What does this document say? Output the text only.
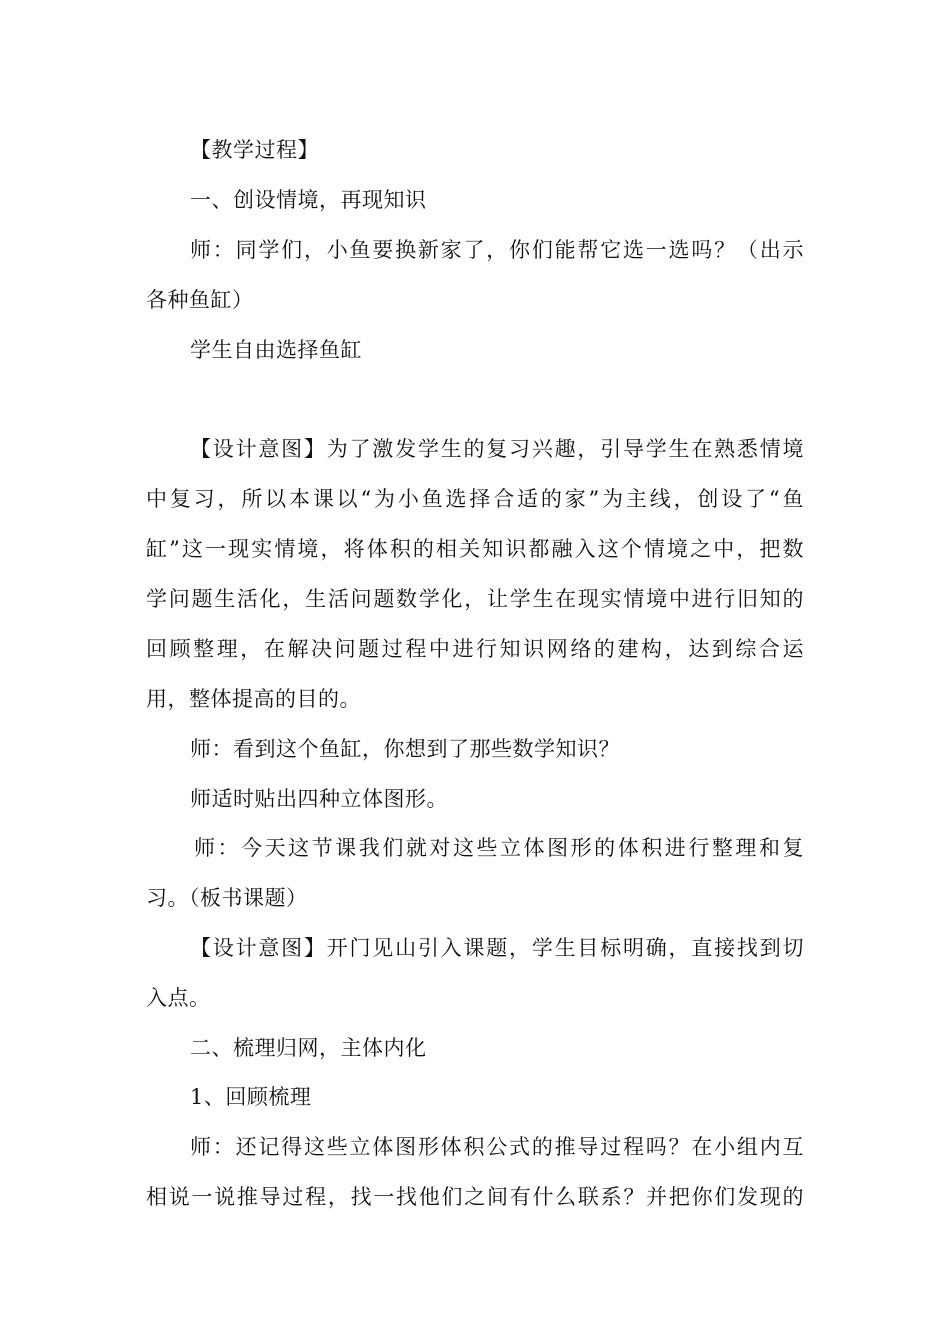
【教学过程】

一、创设情境，再现知识

师：同学们，小鱼要换新家了，你们能帮它选一选吗？（出示

各种鱼缸）

学生自由选择鱼缸

【设计意图】为了激发学生的复习兴趣，引导学生在熟悉情境

中复习，所以本课以“为小鱼选择合适的家”为主线，创设了“鱼

缸”这一现实情境，将体积的相关知识都融入这个情境之中，把数

学问题生活化，生活问题数学化，让学生在现实情境中进行旧知的

回顾整理，在解决问题过程中进行知识网络的建构，达到综合运

用，整体提高的目的。

师：看到这个鱼缸，你想到了那些数学知识？

师适时贴出四种立体图形。

师：今天这节课我们就对这些立体图形的体积进行整理和复

习。（板书课题）

【设计意图】开门见山引入课题，学生目标明确，直接找到切

入点。

二、梳理归网，主体内化

1、回顾梳理

师：还记得这些立体图形体积公式的推导过程吗？在小组内互

相说一说推导过程，找一找他们之间有什么联系？并把你们发现的
